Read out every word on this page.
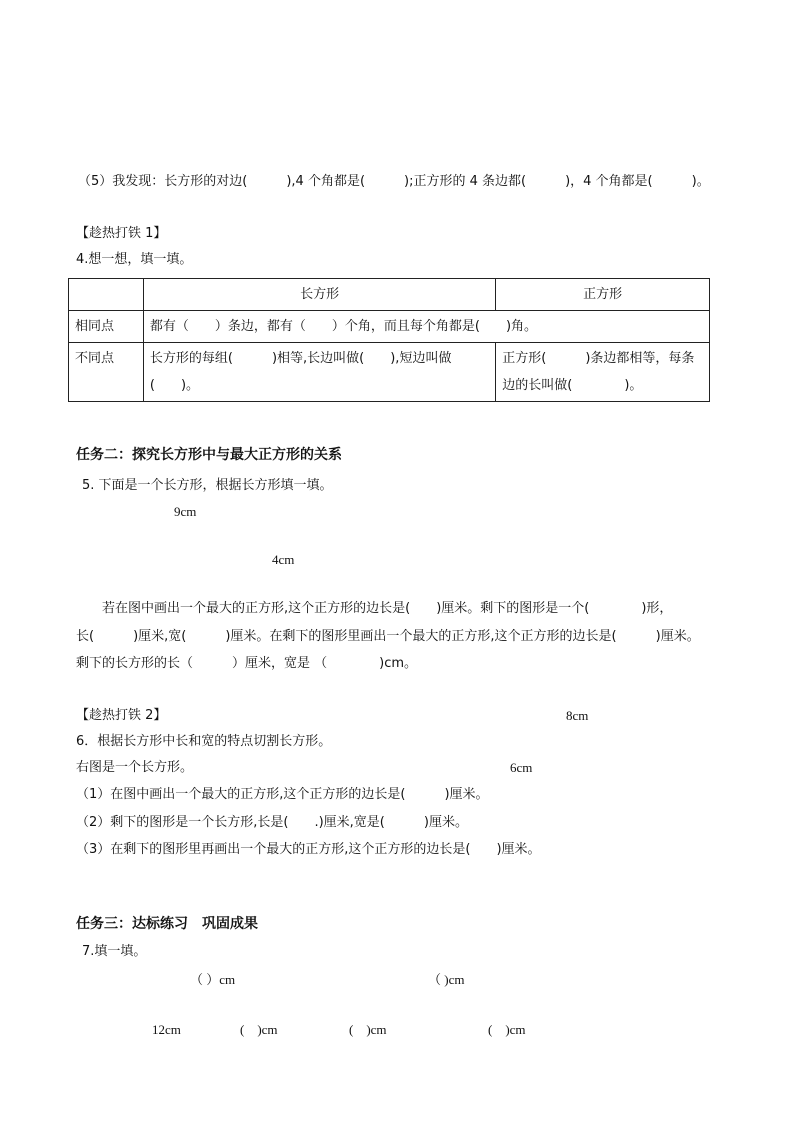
（5）我发现：长方形的对边(　　　),4 个角都是(　　　);正方形的 4 条边都(　　　)，4 个角都是(　　　)。
【趁热打铁 1】
4.想一想，填一填。
	长方形	正方形
相同点	都有（　　）条边，都有（　　）个角，而且每个角都是(　　)角。	
不同点	长方形的每组(　　　)相等,长边叫做(　　),短边叫做(　　)。	正方形(　　　)条边都相等，每条边的长叫做(　　　　)。
任务二：探究长方形中与最大正方形的关系
5. 下面是一个长方形，根据长方形填一填。
9cm
4cm
　　若在图中画出一个最大的正方形,这个正方形的边长是(　　)厘米。剩下的图形是一个(　　　　)形，
长(　　　)厘米,宽(　　　)厘米。在剩下的图形里画出一个最大的正方形,这个正方形的边长是(　　　)厘米。
剩下的长方形的长（　　　）厘米，宽是 （　　　　)cm。
【趁热打铁 2】	8cm
6．根据长方形中长和宽的特点切割长方形。
右图是一个长方形。	6cm
（1）在图中画出一个最大的正方形,这个正方形的边长是(　　　)厘米。
（2）剩下的图形是一个长方形,长是(　　.)厘米,宽是(　　　)厘米。
（3）在剩下的图形里再画出一个最大的正方形,这个正方形的边长是(　　)厘米。
任务三：达标练习　巩固成果
7.填一填。
（ ）cm	（ )cm
12cm	(　)cm	(　)cm	(　)cm
